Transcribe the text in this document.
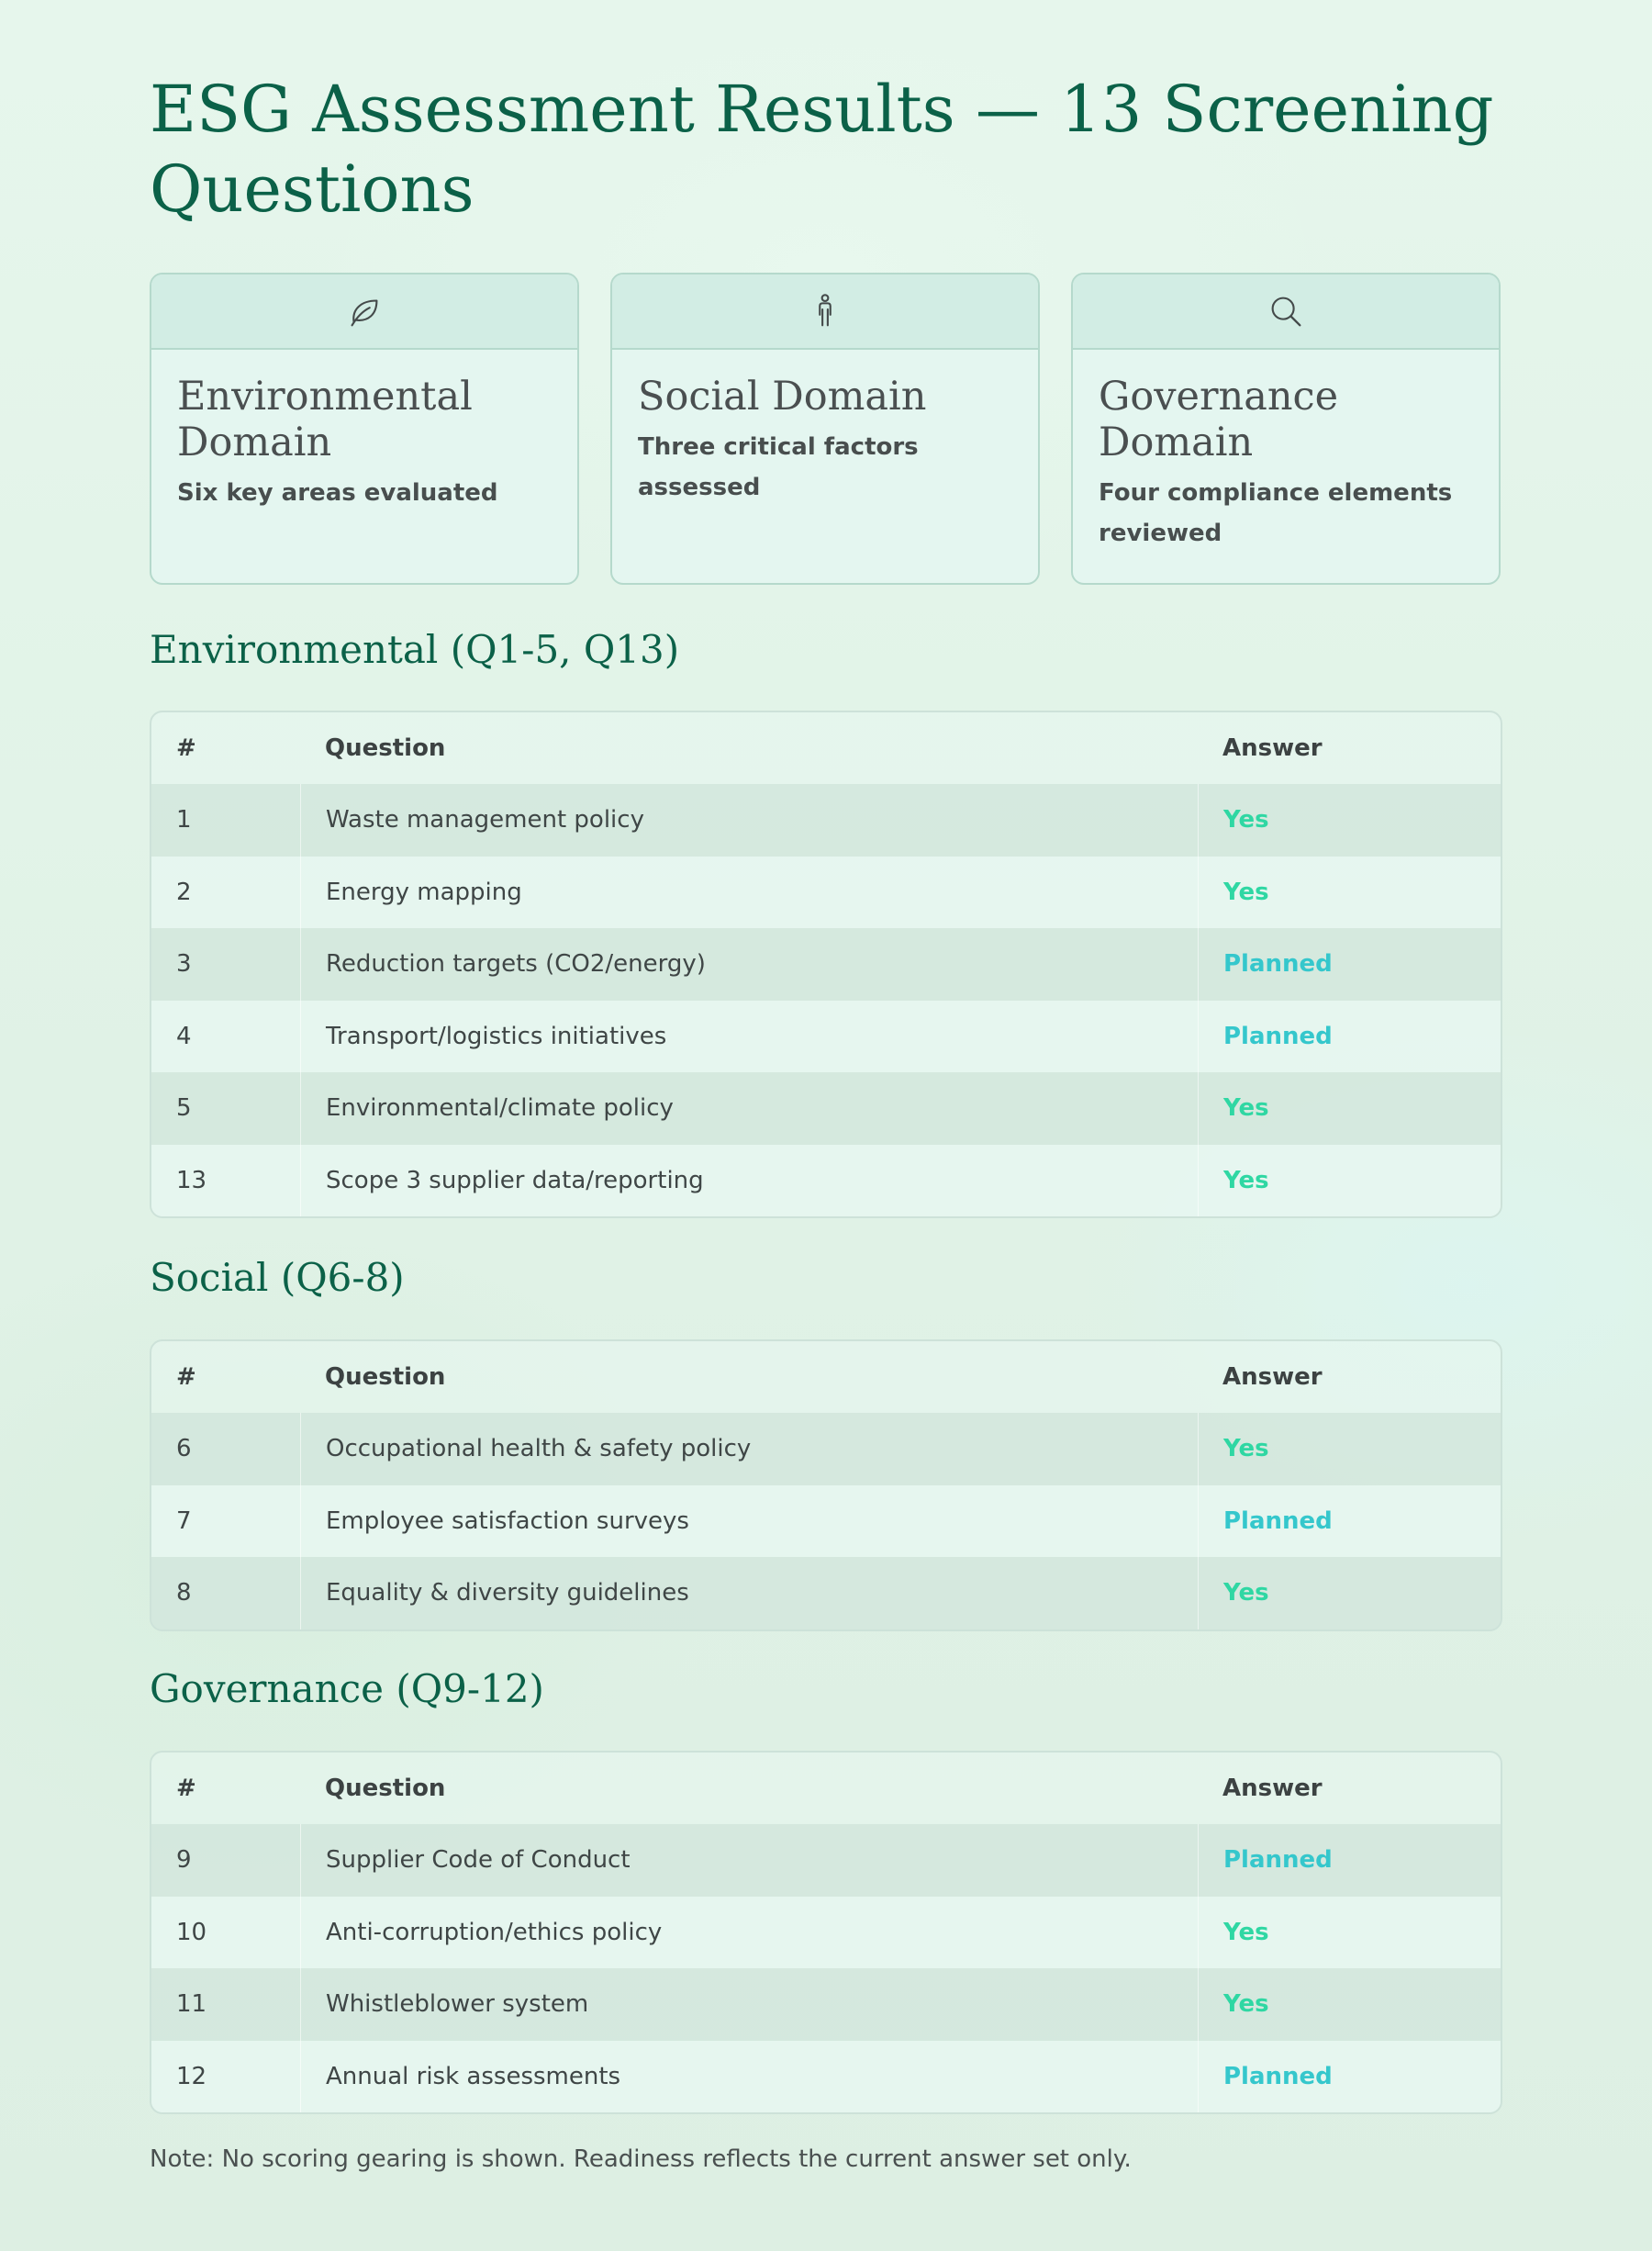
ESG Assessment Results — 13 Screening Questions
Environmental Domain
Six key areas evaluated
Social Domain
Three critical factors assessed
Governance Domain
Four compliance elements reviewed
Environmental (Q1-5, Q13)
#	Question	Answer
1	Waste management policy	Yes
2	Energy mapping	Yes
3	Reduction targets (CO2/energy)	Planned
4	Transport/logistics initiatives	Planned
5	Environmental/climate policy	Yes
13	Scope 3 supplier data/reporting	Yes
Social (Q6-8)
#	Question	Answer
6	Occupational health & safety policy	Yes
7	Employee satisfaction surveys	Planned
8	Equality & diversity guidelines	Yes
Governance (Q9-12)
#	Question	Answer
9	Supplier Code of Conduct	Planned
10	Anti-corruption/ethics policy	Yes
11	Whistleblower system	Yes
12	Annual risk assessments	Planned
Note: No scoring gearing is shown. Readiness reflects the current answer set only.
